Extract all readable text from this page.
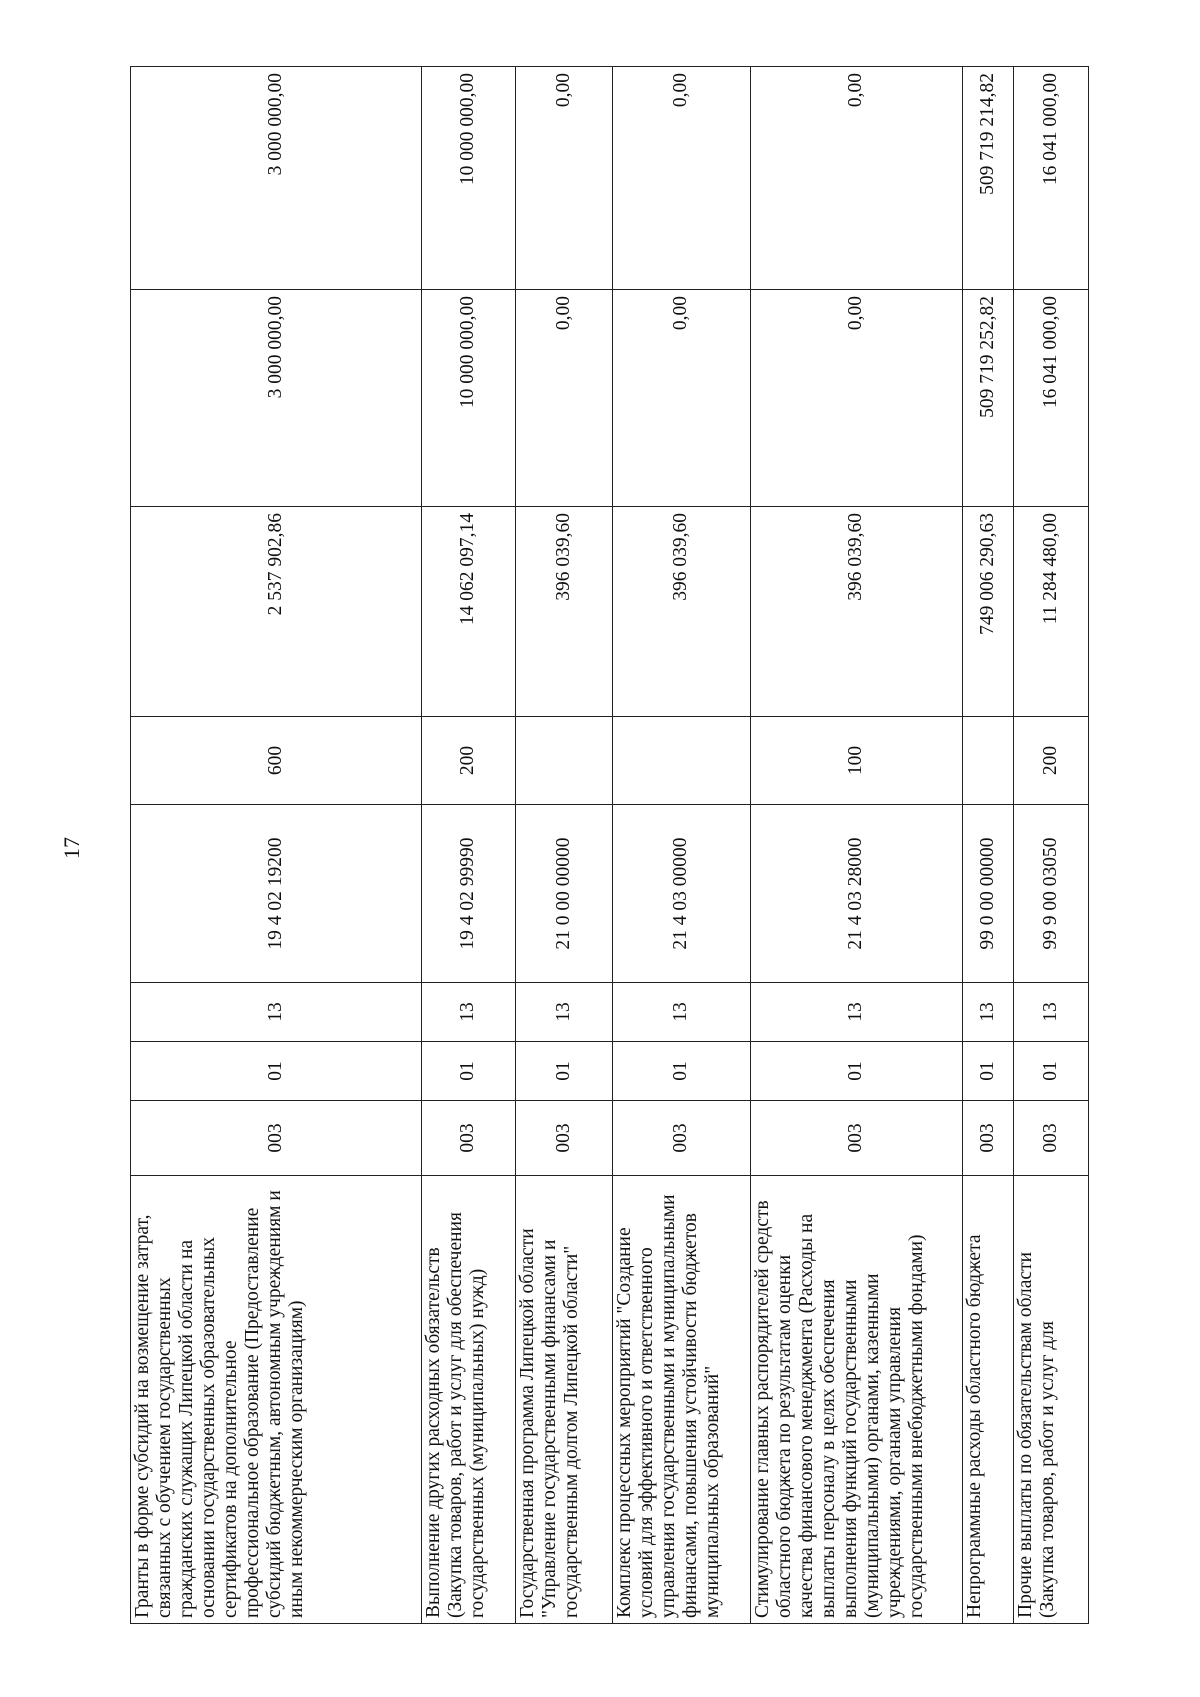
17
Гранты в форме субсидий на возмещение затрат, связанных с обучением государственных гражданских служащих Липецкой области на основании государственных образовательных сертификатов на дополнительное профессиональное образование (Предоставление субсидий бюджетным, автономным учреждениям и иным некоммерческим организациям)	003	01	13	19 4 02 19200	600	2 537 902,86	3 000 000,00	3 000 000,00
Выполнение других расходных обязательств (Закупка товаров, работ и услуг для обеспечения государственных (муниципальных) нужд)	003	01	13	19 4 02 99990	200	14 062 097,14	10 000 000,00	10 000 000,00
Государственная программа Липецкой области "Управление государственными финансами и государственным долгом Липецкой области"	003	01	13	21 0 00 00000		396 039,60	0,00	0,00
Комплекс процессных мероприятий "Создание условий для эффективного и ответственного управления государственными и муниципальными финансами, повышения устойчивости бюджетов муниципальных образований"	003	01	13	21 4 03 00000		396 039,60	0,00	0,00
Стимулирование главных распорядителей средств областного бюджета по результатам оценки качества финансового менеджмента (Расходы на выплаты персоналу в целях обеспечения выполнения функций государственными (муниципальными) органами, казенными учреждениями, органами управления государственными внебюджетными фондами)	003	01	13	21 4 03 28000	100	396 039,60	0,00	0,00
Непрограммные расходы областного бюджета	003	01	13	99 0 00 00000		749 006 290,63	509 719 252,82	509 719 214,82
Прочие выплаты по обязательствам области (Закупка товаров, работ и услуг для	003	01	13	99 9 00 03050	200	11 284 480,00	16 041 000,00	16 041 000,00
